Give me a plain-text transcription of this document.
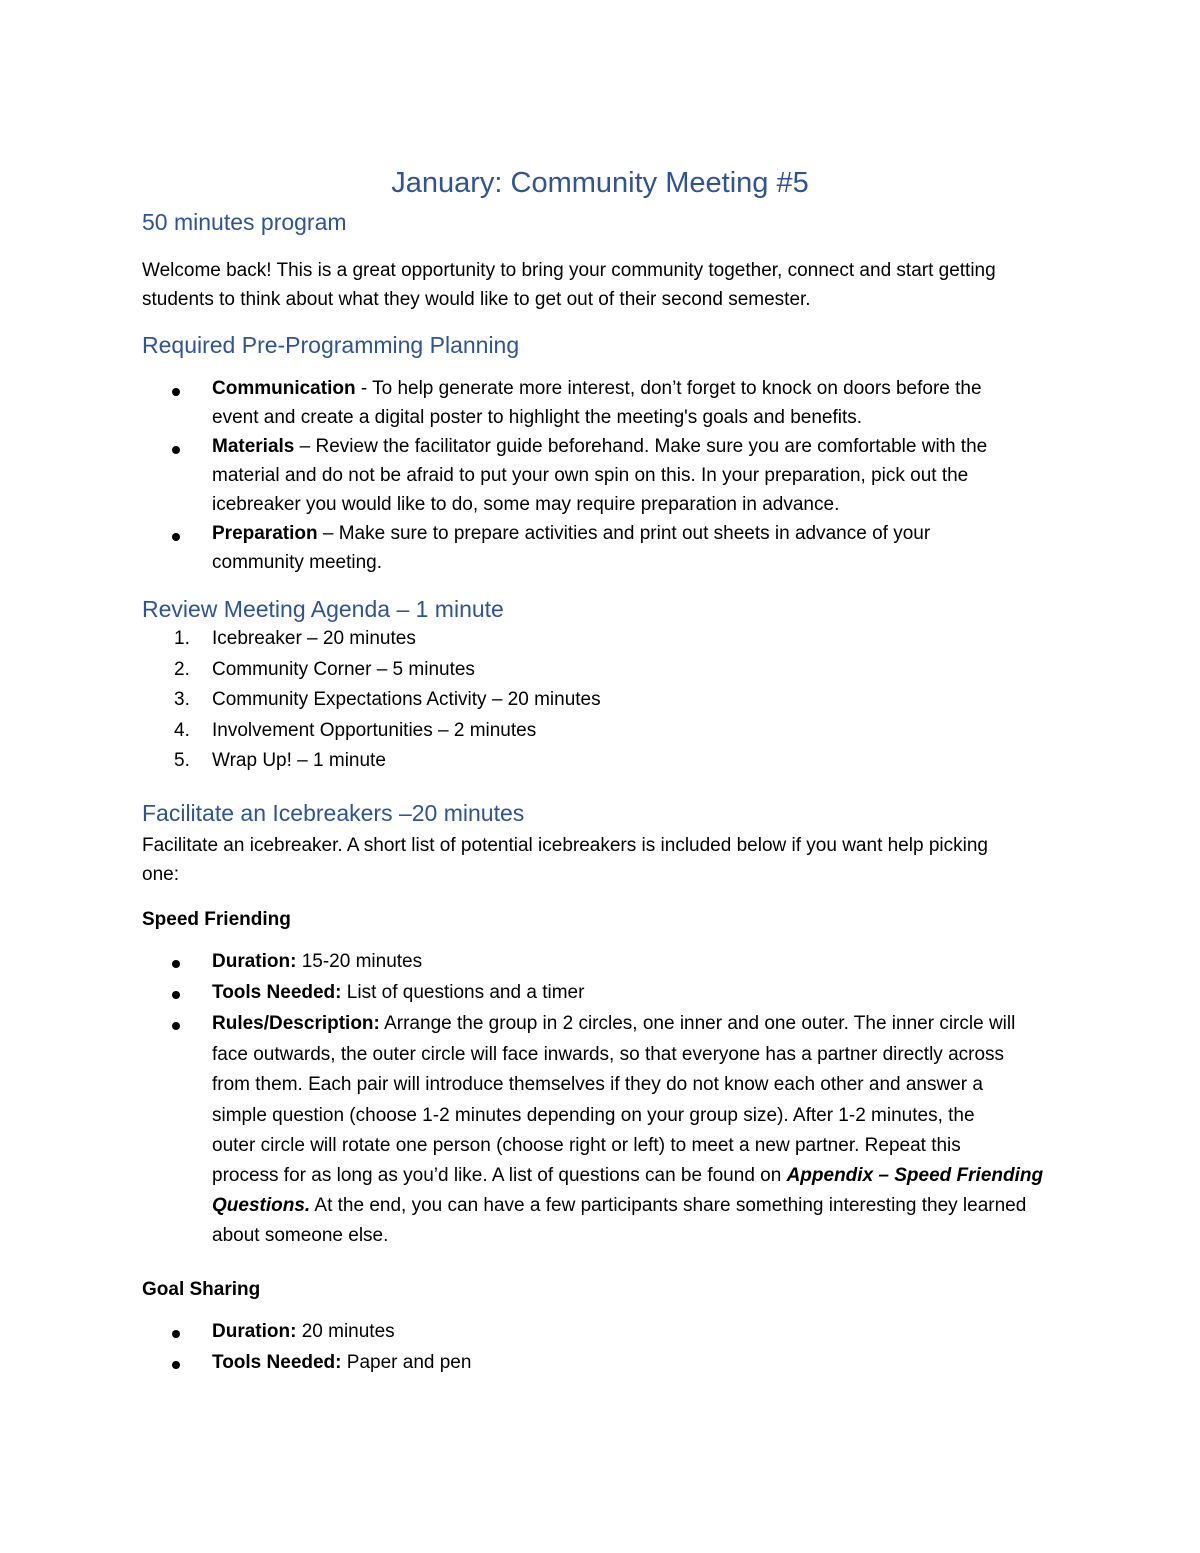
January: Community Meeting #5
50 minutes program
Welcome back! This is a great opportunity to bring your community together, connect and start getting
students to think about what they would like to get out of their second semester.
Required Pre-Programming Planning
Communication - To help generate more interest, don’t forget to knock on doors before the
event and create a digital poster to highlight the meeting's goals and benefits.
Materials – Review the facilitator guide beforehand. Make sure you are comfortable with the
material and do not be afraid to put your own spin on this. In your preparation, pick out the
icebreaker you would like to do, some may require preparation in advance.
Preparation – Make sure to prepare activities and print out sheets in advance of your
community meeting.
Review Meeting Agenda – 1 minute
1. Icebreaker – 20 minutes
2. Community Corner – 5 minutes
3. Community Expectations Activity – 20 minutes
4. Involvement Opportunities – 2 minutes
5. Wrap Up! – 1 minute
Facilitate an Icebreakers –20 minutes
Facilitate an icebreaker. A short list of potential icebreakers is included below if you want help picking
one:
Speed Friending
Duration: 15-20 minutes
Tools Needed: List of questions and a timer
Rules/Description: Arrange the group in 2 circles, one inner and one outer. The inner circle will
face outwards, the outer circle will face inwards, so that everyone has a partner directly across
from them. Each pair will introduce themselves if they do not know each other and answer a
simple question (choose 1-2 minutes depending on your group size). After 1-2 minutes, the
outer circle will rotate one person (choose right or left) to meet a new partner. Repeat this
process for as long as you’d like. A list of questions can be found on Appendix – Speed Friending
Questions. At the end, you can have a few participants share something interesting they learned
about someone else.
Goal Sharing
Duration: 20 minutes
Tools Needed: Paper and pen
